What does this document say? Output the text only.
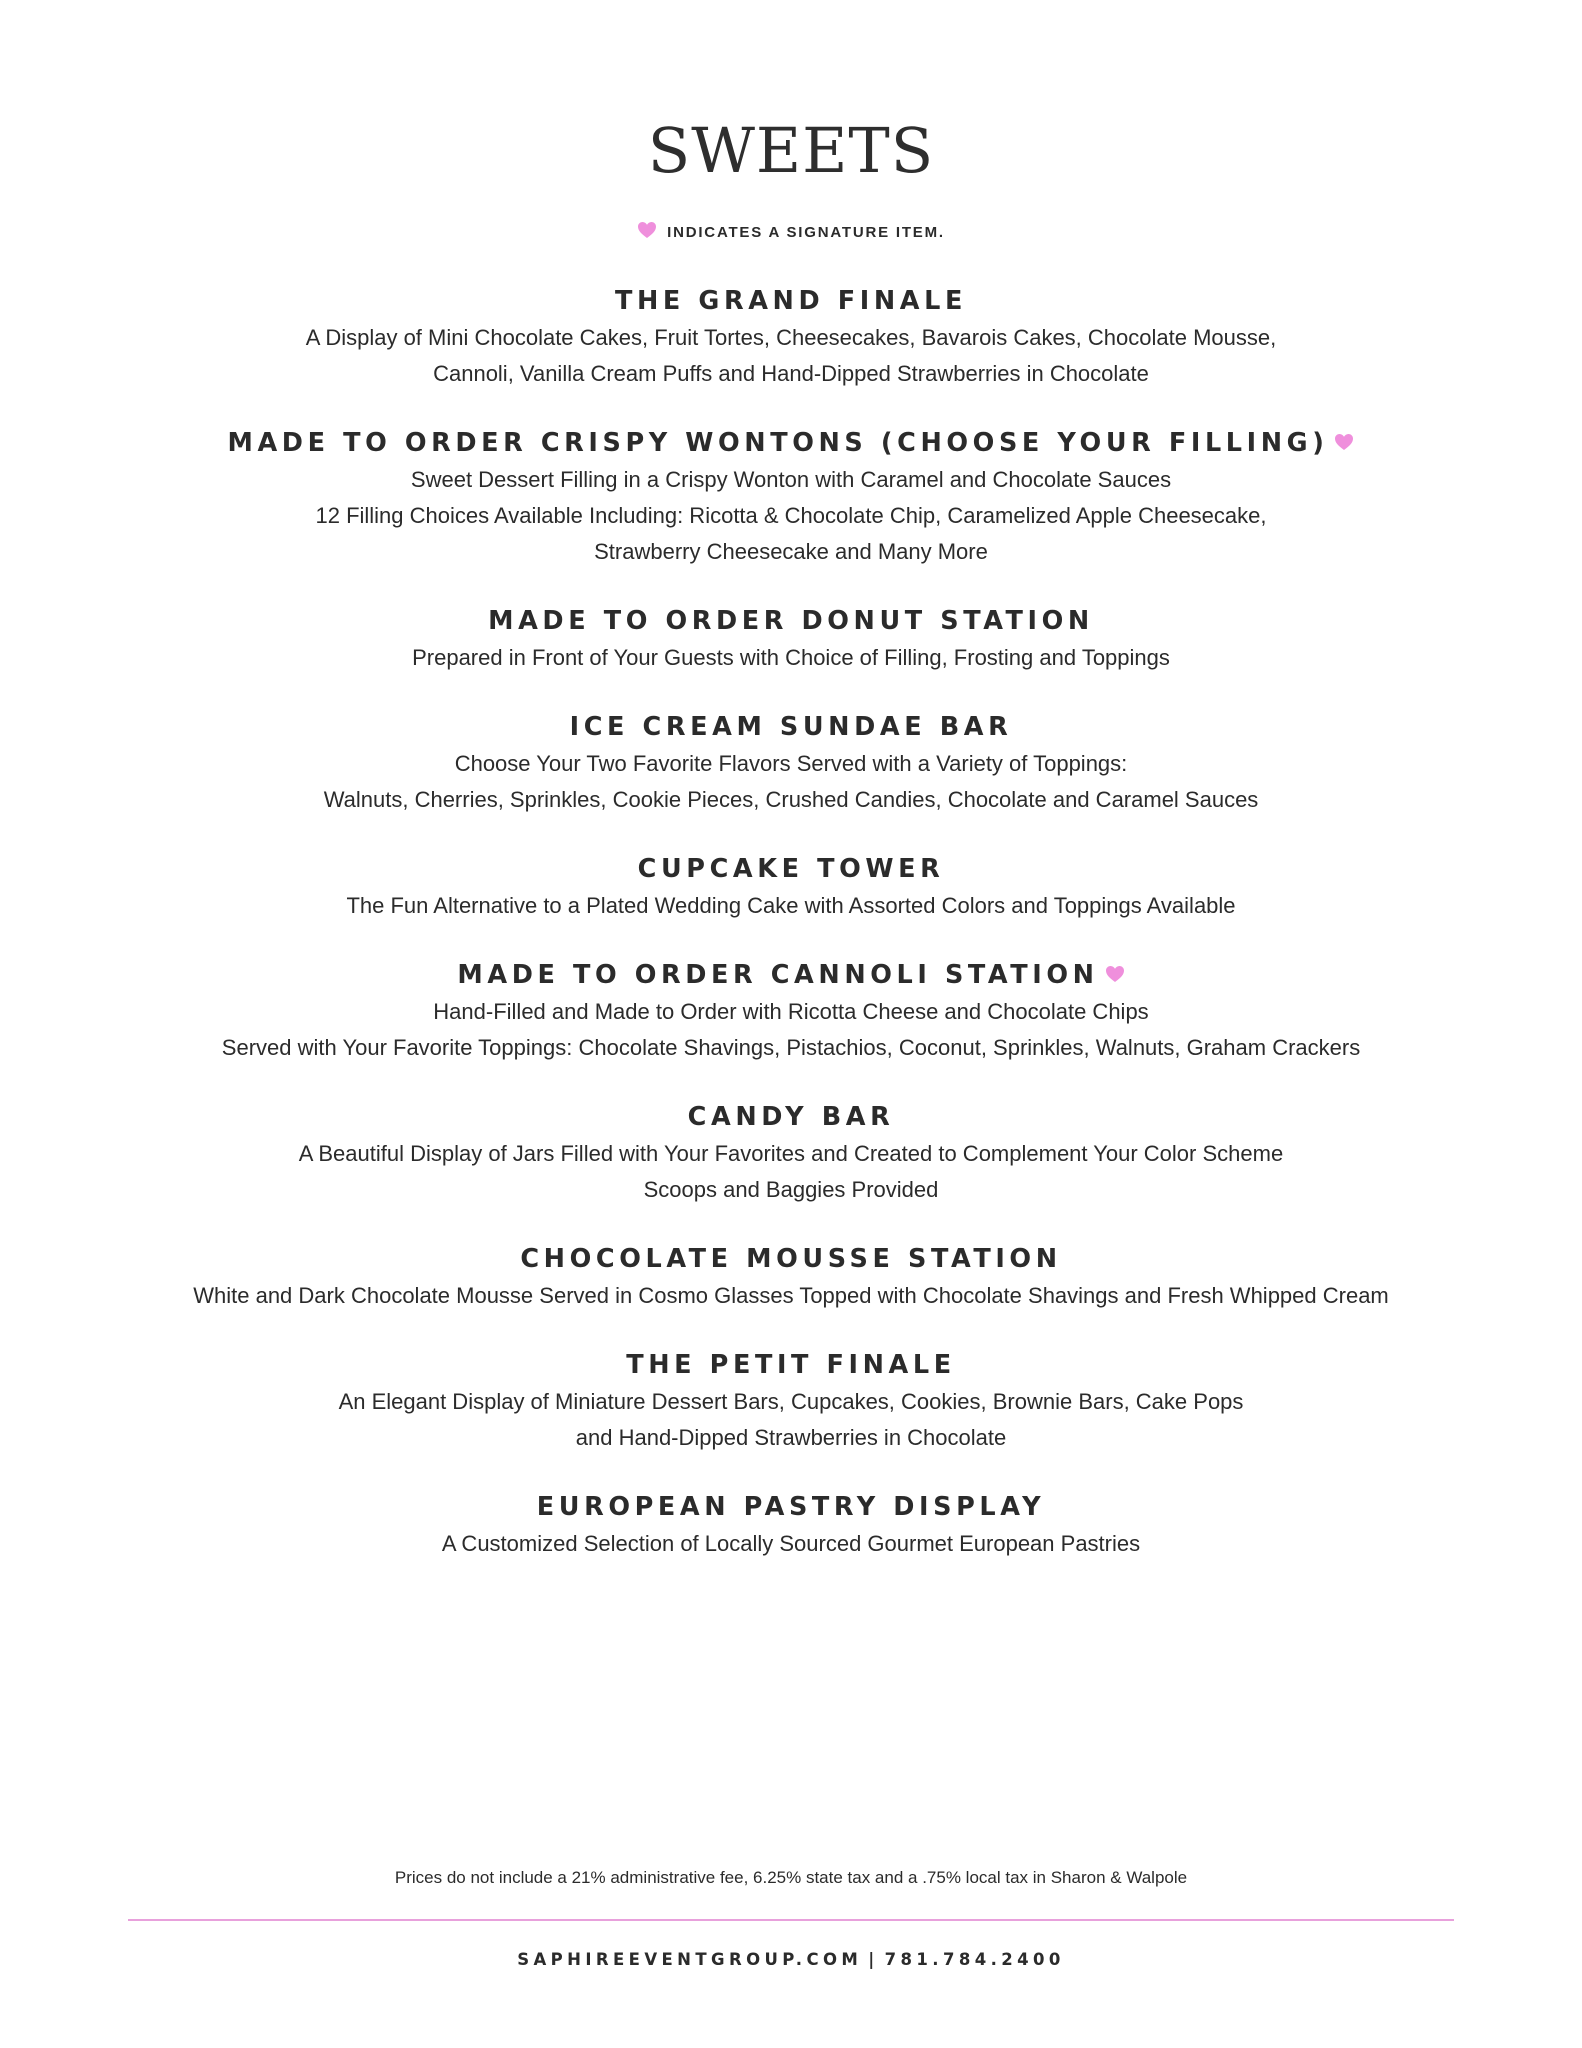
SWEETS
INDICATES A SIGNATURE ITEM.
THE GRAND FINALE
A Display of Mini Chocolate Cakes, Fruit Tortes, Cheesecakes, Bavarois Cakes, Chocolate Mousse,
Cannoli, Vanilla Cream Puffs and Hand-Dipped Strawberries in Chocolate
MADE TO ORDER CRISPY WONTONS (CHOOSE YOUR FILLING)
Sweet Dessert Filling in a Crispy Wonton with Caramel and Chocolate Sauces
12 Filling Choices Available Including: Ricotta & Chocolate Chip, Caramelized Apple Cheesecake,
Strawberry Cheesecake and Many More
MADE TO ORDER DONUT STATION
Prepared in Front of Your Guests with Choice of Filling, Frosting and Toppings
ICE CREAM SUNDAE BAR
Choose Your Two Favorite Flavors Served with a Variety of Toppings:
Walnuts, Cherries, Sprinkles, Cookie Pieces, Crushed Candies, Chocolate and Caramel Sauces
CUPCAKE TOWER
The Fun Alternative to a Plated Wedding Cake with Assorted Colors and Toppings Available
MADE TO ORDER CANNOLI STATION
Hand-Filled and Made to Order with Ricotta Cheese and Chocolate Chips
Served with Your Favorite Toppings: Chocolate Shavings, Pistachios, Coconut, Sprinkles, Walnuts, Graham Crackers
CANDY BAR
A Beautiful Display of Jars Filled with Your Favorites and Created to Complement Your Color Scheme
Scoops and Baggies Provided
CHOCOLATE MOUSSE STATION
White and Dark Chocolate Mousse Served in Cosmo Glasses Topped with Chocolate Shavings and Fresh Whipped Cream
THE PETIT FINALE
An Elegant Display of Miniature Dessert Bars, Cupcakes, Cookies, Brownie Bars, Cake Pops
and Hand-Dipped Strawberries in Chocolate
EUROPEAN PASTRY DISPLAY
A Customized Selection of Locally Sourced Gourmet European Pastries
Prices do not include a 21% administrative fee, 6.25% state tax and a .75% local tax in Sharon & Walpole
SAPHIREEVENTGROUP.COM | 781.784.2400
